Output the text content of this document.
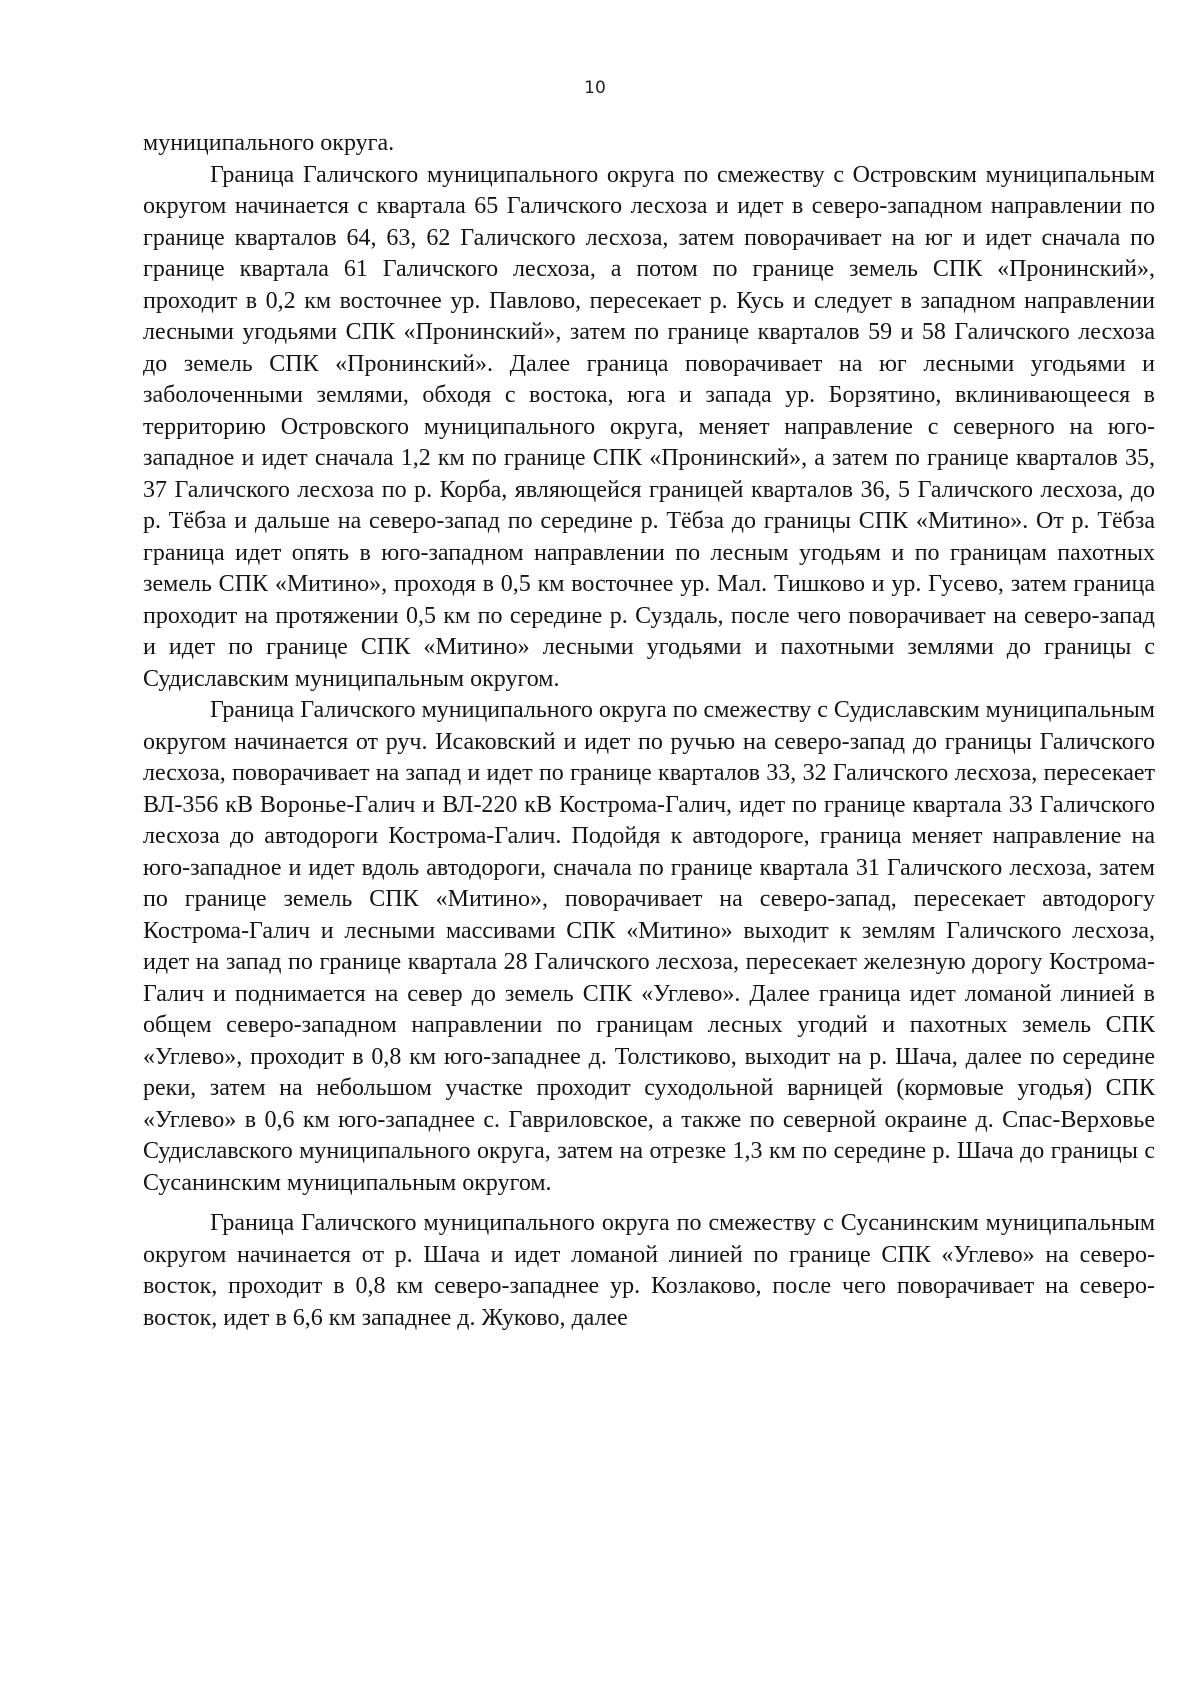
10

муниципального округа.

Граница Галичского муниципального округа по смежеству с Островским муниципальным округом начинается с квартала 65 Галичского лесхоза и идет в северо-западном направлении по границе кварталов 64, 63, 62 Галичского лесхоза, затем поворачивает на юг и идет сначала по границе квартала 61 Галичского лесхоза, а потом по границе земель СПК «Пронинский», проходит в 0,2 км восточнее ур. Павлово, пересекает р. Кусь и следует в западном направлении лесными угодьями СПК «Пронинский», затем по границе кварталов 59 и 58 Галичского лесхоза до земель СПК «Пронинский». Далее граница поворачивает на юг лесными угодьями и заболоченными землями, обходя с востока, юга и запада ур. Борзятино, вклинивающееся в территорию Островского муниципального округа, меняет направление с северного на юго-западное и идет сначала 1,2 км по границе СПК «Пронинский», а затем по границе кварталов 35, 37 Галичского лесхоза по р. Корба, являющейся границей кварталов 36, 5 Галичского лесхоза, до р. Тёбза и дальше на северо-запад по середине р. Тёбза до границы СПК «Митино». От р. Тёбза граница идет опять в юго-западном направлении по лесным угодьям и по границам пахотных земель СПК «Митино», проходя в 0,5 км восточнее ур. Мал. Тишково и ур. Гусево, затем граница проходит на протяжении 0,5 км по середине р. Суздаль, после чего поворачивает на северо-запад и идет по границе СПК «Митино» лесными угодьями и пахотными землями до границы с Судиславским муниципальным округом.

Граница Галичского муниципального округа по смежеству с Судиславским муниципальным округом начинается от руч. Исаковский и идет по ручью на северо-запад до границы Галичского лесхоза, поворачивает на запад и идет по границе кварталов 33, 32 Галичского лесхоза, пересекает ВЛ-356 кВ Воронье-Галич и ВЛ-220 кВ Кострома-Галич, идет по границе квартала 33 Галичского лесхоза до автодороги Кострома-Галич. Подойдя к автодороге, граница меняет направление на юго-западное и идет вдоль автодороги, сначала по границе квартала 31 Галичского лесхоза, затем по границе земель СПК «Митино», поворачивает на северо-запад, пересекает автодорогу Кострома-Галич и лесными массивами СПК «Митино» выходит к землям Галичского лесхоза, идет на запад по границе квартала 28 Галичского лесхоза, пересекает железную дорогу Кострома-Галич и поднимается на север до земель СПК «Углево». Далее граница идет ломаной линией в общем северо-западном направлении по границам лесных угодий и пахотных земель СПК «Углево», проходит в 0,8 км юго-западнее д. Толстиково, выходит на р. Шача, далее по середине реки, затем на небольшом участке проходит суходольной варницей (кормовые угодья) СПК «Углево» в 0,6 км юго-западнее с. Гавриловское, а также по северной окраине д. Спас-Верховье Судиславского муниципального округа, затем на отрезке 1,3 км по середине р. Шача до границы с Сусанинским муниципальным округом.

Граница Галичского муниципального округа по смежеству с Сусанинским муниципальным округом начинается от р. Шача и идет ломаной линией по границе СПК «Углево» на северо-восток, проходит в 0,8 км северо-западнее ур. Козлаково, после чего поворачивает на северо-восток, идет в 6,6 км западнее д. Жуково, далее
